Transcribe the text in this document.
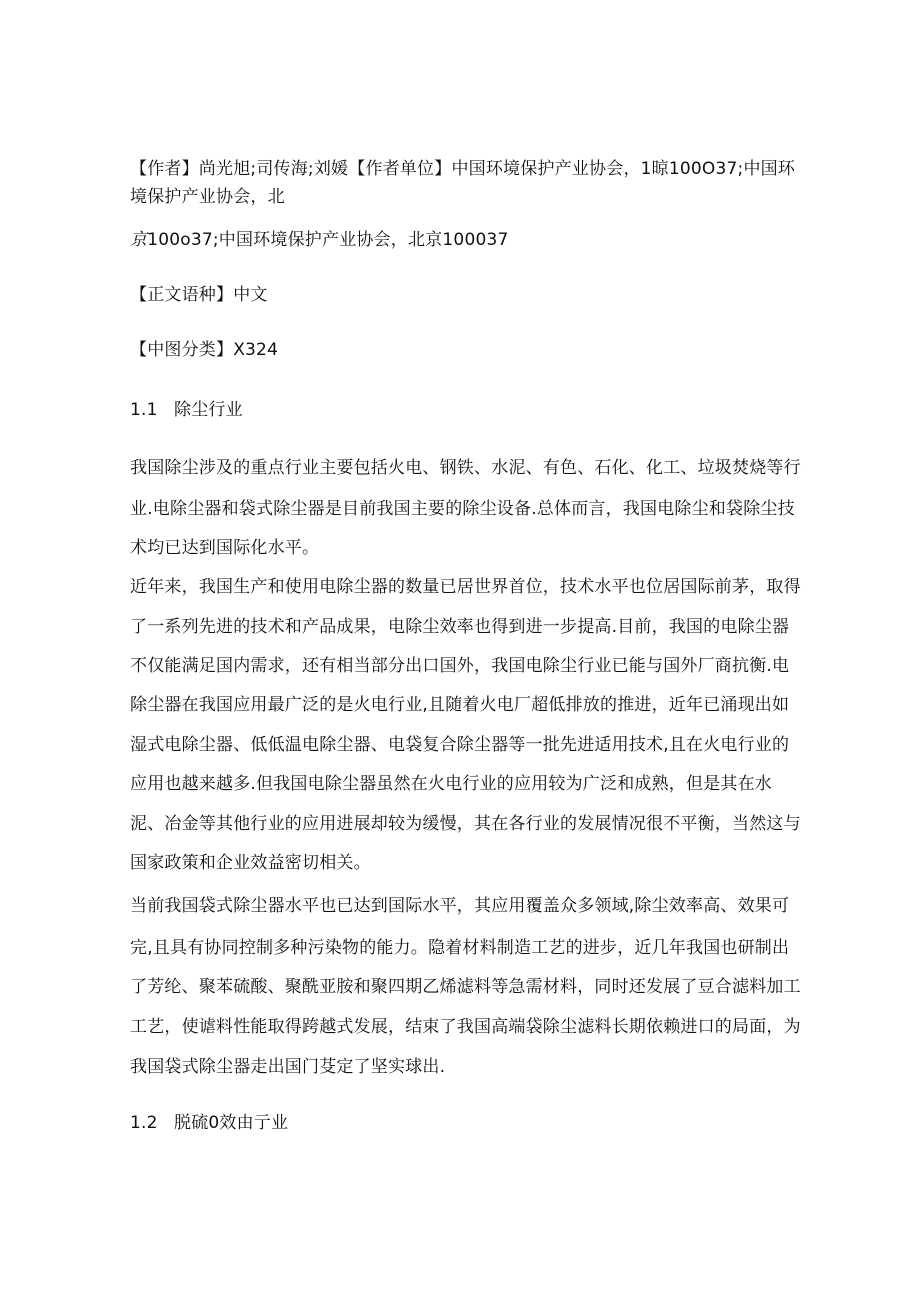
【作者】尚光旭;司传海;刘媛【作者单位】中国环境保护产业协会，1晾100O37;中国环
境保护产业协会，北
京100o37;中国环境保护产业协会，北京100037
【正文语种】中文
【中图分类】X324
1.1 除尘行业
我国除尘涉及的重点行业主要包括火电、钢铁、水泥、有色、石化、化工、垃圾焚烧等行
业.电除尘器和袋式除尘器是目前我国主要的除尘设备.总体而言，我国电除尘和袋除尘技
术均已达到国际化水平。
近年来，我国生产和使用电除尘器的数量已居世界首位，技术水平也位居国际前茅，取得
了一系列先进的技术和产品成果，电除尘效率也得到进一步提高.目前，我国的电除尘器
不仅能满足国内需求，还有相当部分出口国外，我国电除尘行业已能与国外厂商抗衡.电
除尘器在我国应用最广泛的是火电行业,且随着火电厂超低排放的推进，近年已涌现出如
湿式电除尘器、低低温电除尘器、电袋复合除尘器等一批先进适用技术,且在火电行业的
应用也越来越多.但我国电除尘器虽然在火电行业的应用较为广泛和成熟，但是其在水
泥、冶金等其他行业的应用进展却较为缓慢，其在各行业的发展情况很不平衡，当然这与
国家政策和企业效益密切相关。
当前我国袋式除尘器水平也已达到国际水平，其应用覆盖众多领域,除尘效率高、效果可
完,且具有协同控制多种污染物的能力。隐着材料制造工艺的进步，近几年我国也研制出
了芳纶、聚苯硫酸、聚酰亚胺和聚四期乙烯滤料等急需材料，同时还发展了豆合滤料加工
工艺，使谑料性能取得跨越式发展，结束了我国高端袋除尘滤料长期依赖进口的局面，为
我国袋式除尘器走出国门芟定了坚实球出.
1.2 脱硫0效由亍业
